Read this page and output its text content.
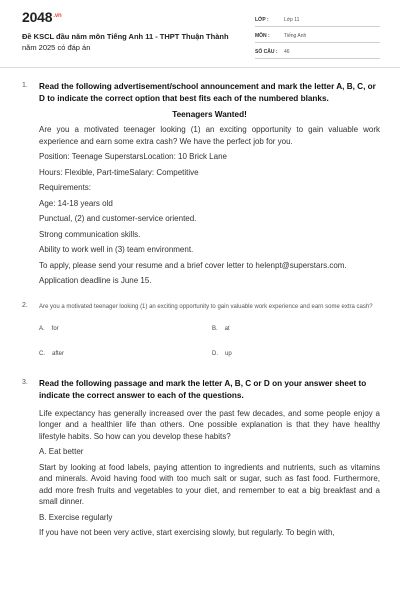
$2048^{.vn}$
Đề KSCL đầu năm môn Tiếng Anh 11 - THPT Thuận Thành
năm 2025 có đáp án
LỚP :	Lớp 11
MÔN :	Tiếng Anh
SỐ CÂU : 46
1. Read the following advertisement/school announcement and mark the letter A, B, C, or D to indicate the correct option that best fits each of the numbered blanks.
Teenagers Wanted!
Are you a motivated teenager looking (1) an exciting opportunity to gain valuable work experience and earn some extra cash? We have the perfect job for you.
Position: Teenage SuperstarsLocation: 10 Brick Lane
Hours: Flexible, Part-timeSalary: Competitive
Requirements:
Age: 14-18 years old
Punctual, (2) and customer-service oriented.
Strong communication skills.
Ability to work well in (3) team environment.
To apply, please send your resume and a brief cover letter to helenpt@superstars.com.
Application deadline is June 15.
2. Are you a motivated teenager looking (1) an exciting opportunity to gain valuable work experience and earn some extra cash?
A. for	B. at
C. after	D. up
3. Read the following passage and mark the letter A, B, C or D on your answer sheet to indicate the correct answer to each of the questions.
Life expectancy has generally increased over the past few decades, and some people enjoy a longer and a healthier life than others. One possible explanation is that they have healthy lifestyle habits. So how can you develop these habits?
A. Eat better
Start by looking at food labels, paying attention to ingredients and nutrients, such as vitamins and minerals. Avoid having food with too much salt or sugar, such as fast food. Furthermore, add more fresh fruits and vegetables to your diet, and remember to eat a big breakfast and a small dinner.
B. Exercise regularly
If you have not been very active, start exercising slowly, but regularly. To begin with,
